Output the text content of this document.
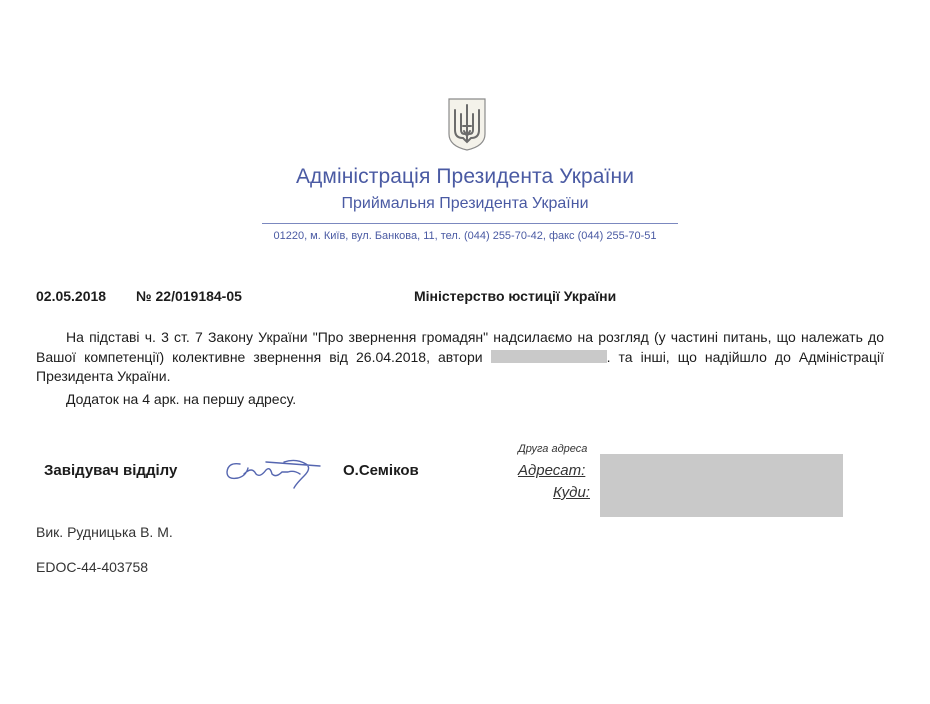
Адміністрація Президента України
Приймальня Президента України
01220, м. Київ, вул. Банкова, 11, тел. (044) 255-70-42, факс (044) 255-70-51
02.05.2018 № 22/019184-05	Міністерство юстиції України

На підставі ч. 3 ст. 7 Закону України "Про звернення громадян" надсилаємо на розгляд (у частині питань, що належать до Вашої компетенції) колективне звернення від 26.04.2018, автори	. та інші, що надійшло до Адміністрації Президента України.

Додаток на 4 арк. на першу адресу.
Завідувач відділу	О.Семіков
Друга адреса
Адресат:
Куди:
Вик. Рудницька В. М.
EDOC-44-403758
